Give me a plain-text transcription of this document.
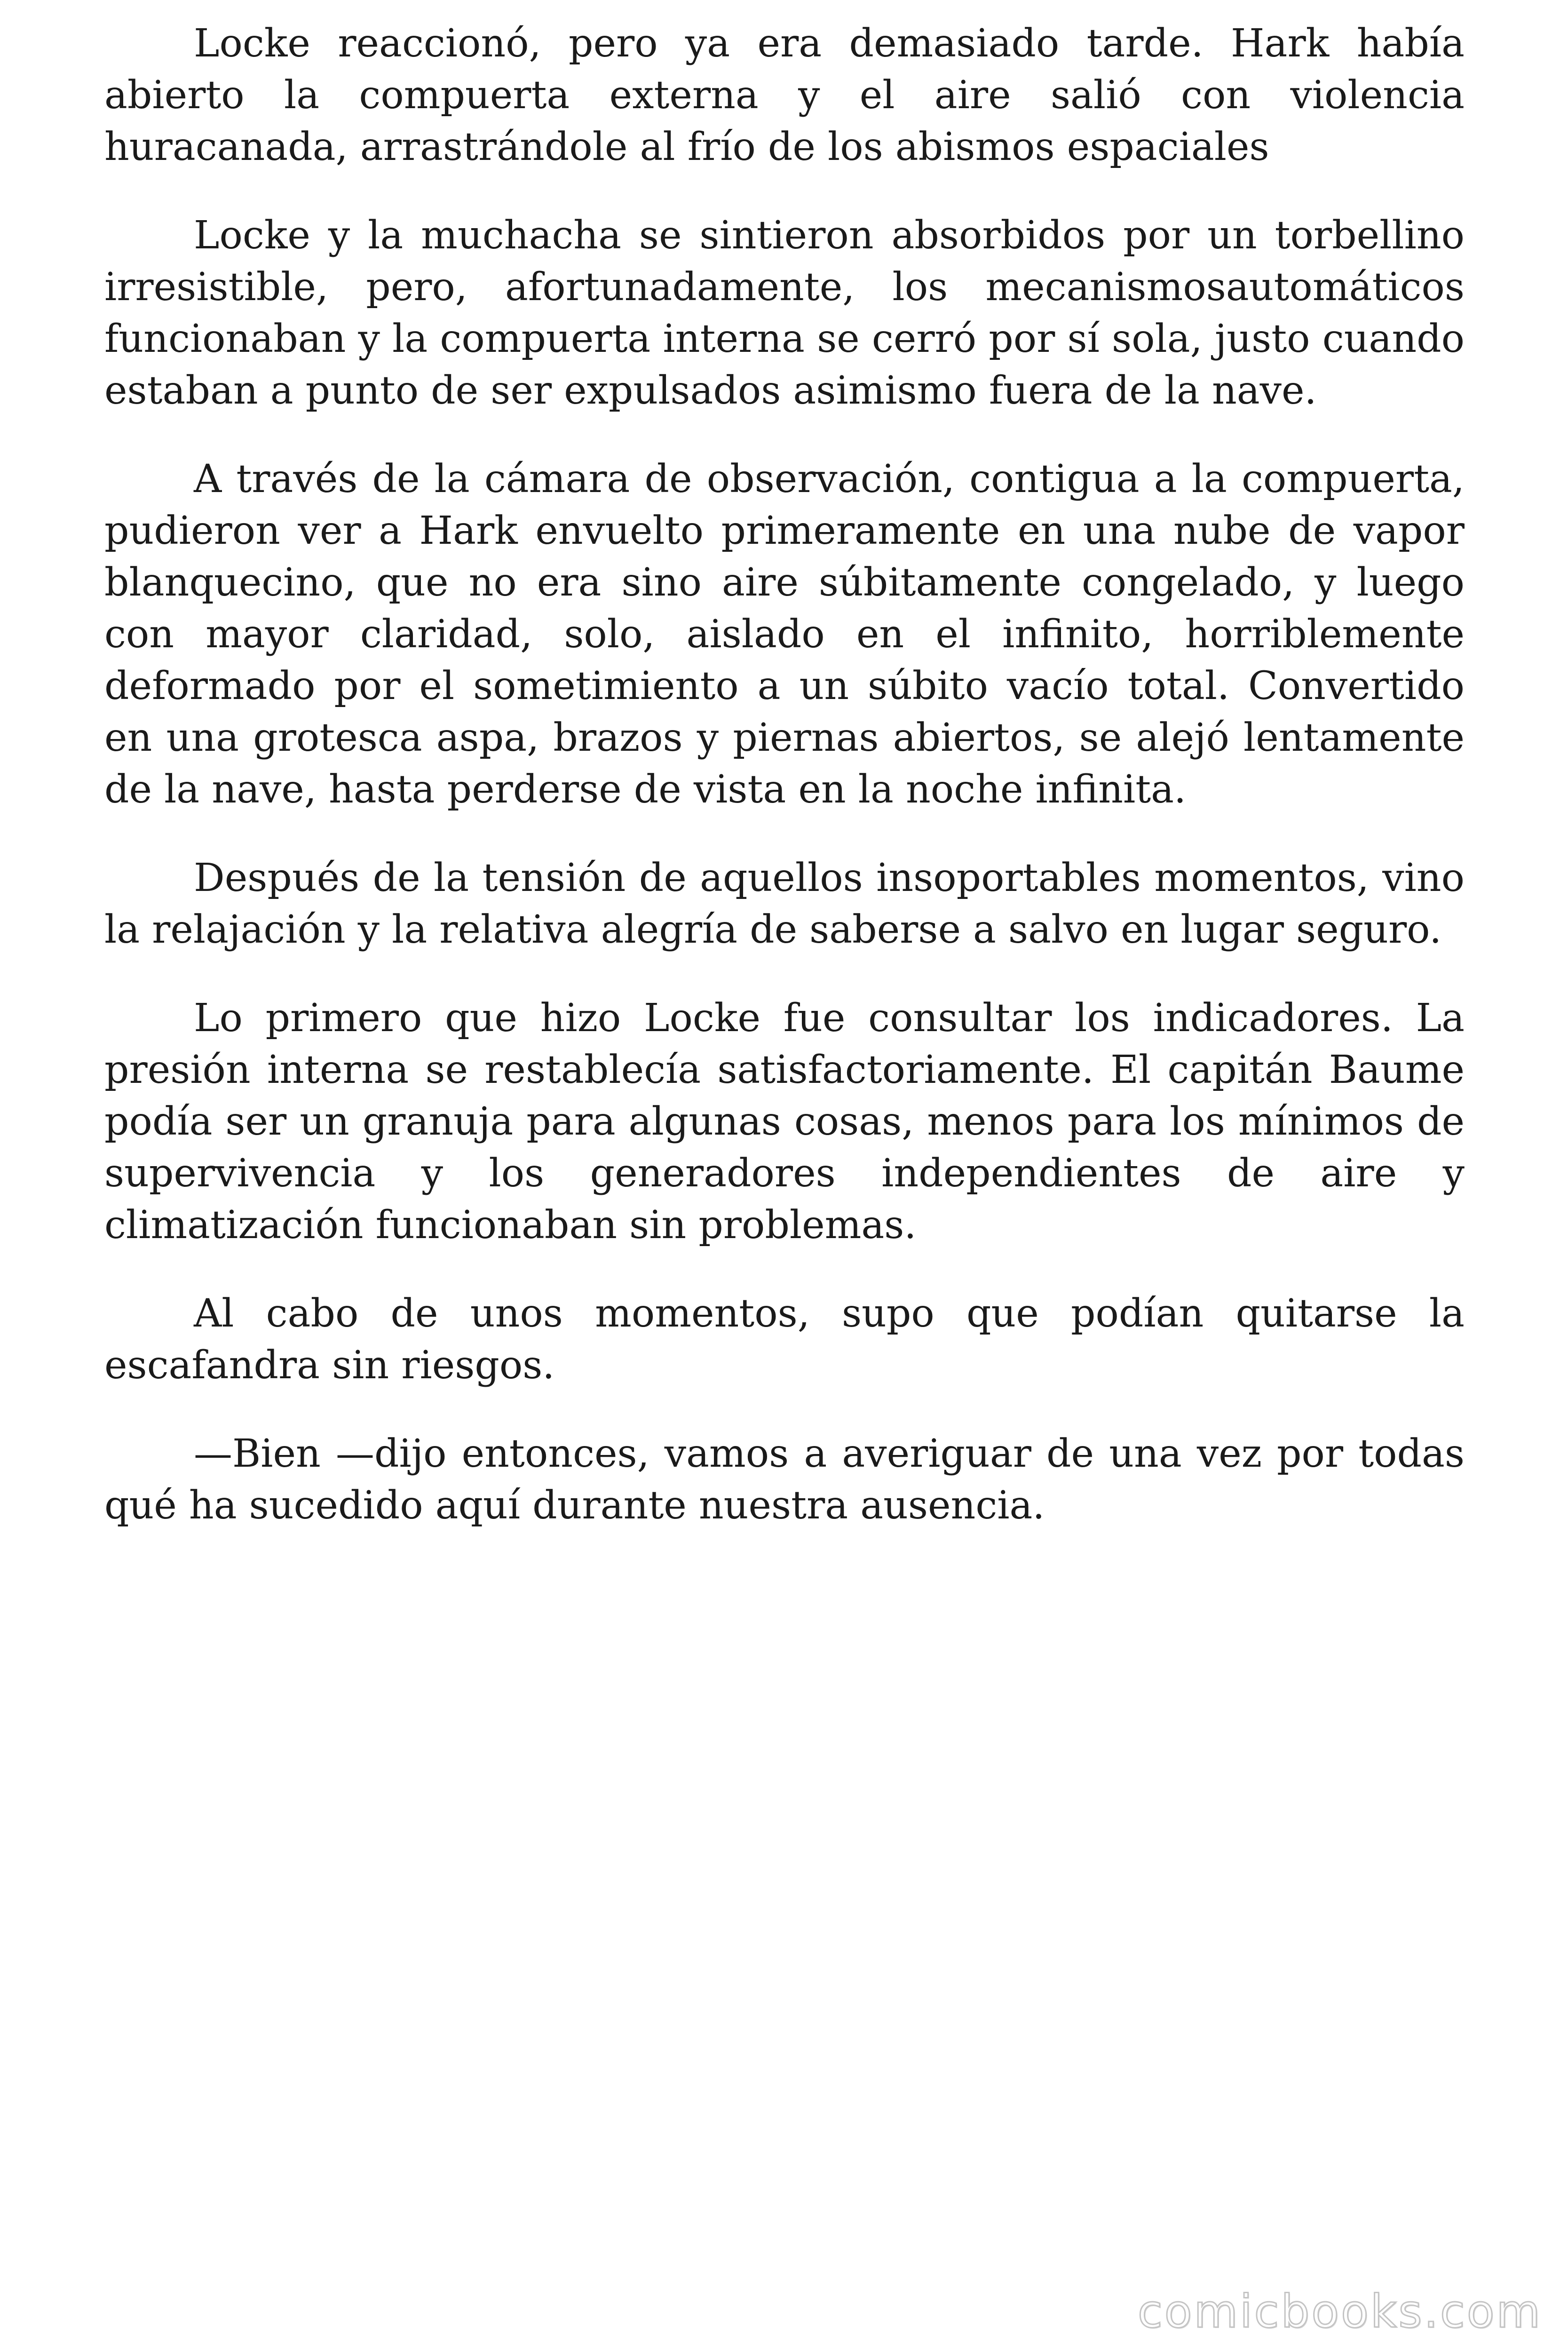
Locke reaccionó, pero ya era demasiado tarde. Hark había abierto la compuerta externa y el aire salió con violencia huracanada, arrastrándole al frío de los abismos espaciales

Locke y la muchacha se sintieron absorbidos por un torbellino irresistible, pero, afortunadamente, los mecanismosautomáticos funcionaban y la compuerta interna se cerró por sí sola, justo cuando estaban a punto de ser expulsados asimismo fuera de la nave.

A través de la cámara de observación, contigua a la compuerta, pudieron ver a Hark envuelto primeramente en una nube de vapor blanquecino, que no era sino aire súbitamente congelado, y luego con mayor claridad, solo, aislado en el infinito, horriblemente deformado por el sometimiento a un súbito vacío total. Convertido en una grotesca aspa, brazos y piernas abiertos, se alejó lentamente de la nave, hasta perderse de vista en la noche infinita.

Después de la tensión de aquellos insoportables momentos, vino la relajación y la relativa alegría de saberse a salvo en lugar seguro.

Lo primero que hizo Locke fue consultar los indicadores. La presión interna se restablecía satisfactoriamente. El capitán Baume podía ser un granuja para algunas cosas, menos para los mínimos de supervivencia y los generadores independientes de aire y climatización funcionaban sin problemas.

Al cabo de unos momentos, supo que podían quitarse la escafandra sin riesgos.

—Bien —dijo entonces, vamos a averiguar de una vez por todas qué ha sucedido aquí durante nuestra ausencia.

comicbooks.com
